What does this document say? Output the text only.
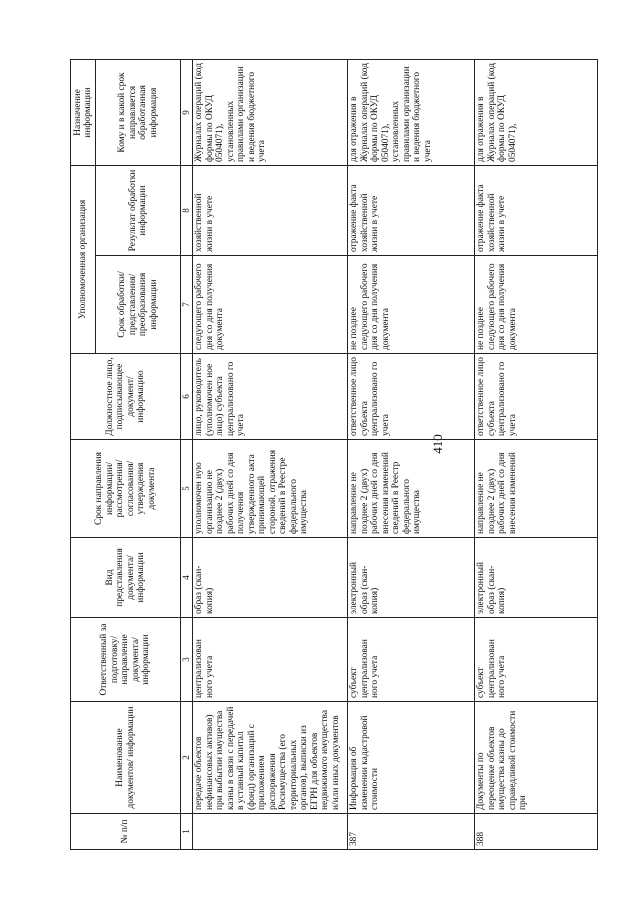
410
№ п/п	Наименование документов/ информации	Ответственный за подготовку/ направление документа/ информации	Вид представления документа/ информации	Срок направления информации/ рассмотрения/ согласования/ утверждения документа	Должностное лицо, подписывающее документ/ информацию	Уполномоченная организация		Назначение информации
						Срок обработки/ представления/ преобразования информации	Результат обработки информации	Кому и в какой срок направляется обработанная информация
1	2	3	4	5	6	7	8	9
	передаче объектов нефинансовых активов) при выбытии имущества казны в связи с передачей в уставный капитал (фонд) организаций с приложением распоряжения Росимущества (его территориальных органов), выписки из ЕГРН для объектов недвижимого имущества и/или иных документов	централизован ного учета	образ (скан-копия)	уполномочен ную организацию не позднее 2 (двух) рабочих дней со дня получения утвержденного акта принимающей стороной, отражения сведений в Реестре федерального имущества	лицо, руководитель (уполномочен ное лицо) субъекта централизовано го учета	следующего рабочего дня со дня получения документа	хозяйственной жизни в учете	Журналах операций (код формы по ОКУД 0504071), установленных правилами организации и ведения бюджетного учета
387	Информация об изменении кадастровой стоимости	субъект централизован ного учета	электронный образ (скан-копия)	направление не позднее 2 (двух) рабочих дней со дня внесения изменений сведений в Реестр федерального имущества	ответственное лицо субъекта централизовано го учета	не позднее следующего рабочего дня со дня получения документа	отражение факта хозяйственной жизни в учете	для отражения в Журналах операций (код формы по ОКУД 0504071), установленных правилами организации и ведения бюджетного учета
388	Документы по переоценке объектов имущества казны до справедливой стоимости при	субъект централизован ного учета	электронный образ (скан-копия)	направление не позднее 2 (двух) рабочих дней со дня внесения изменений	ответственное лицо субъекта централизовано го учета	не позднее следующего рабочего дня со дня получения документа	отражение факта хозяйственной жизни в учете	для отражения в Журналах операций (код формы по ОКУД 0504071),
